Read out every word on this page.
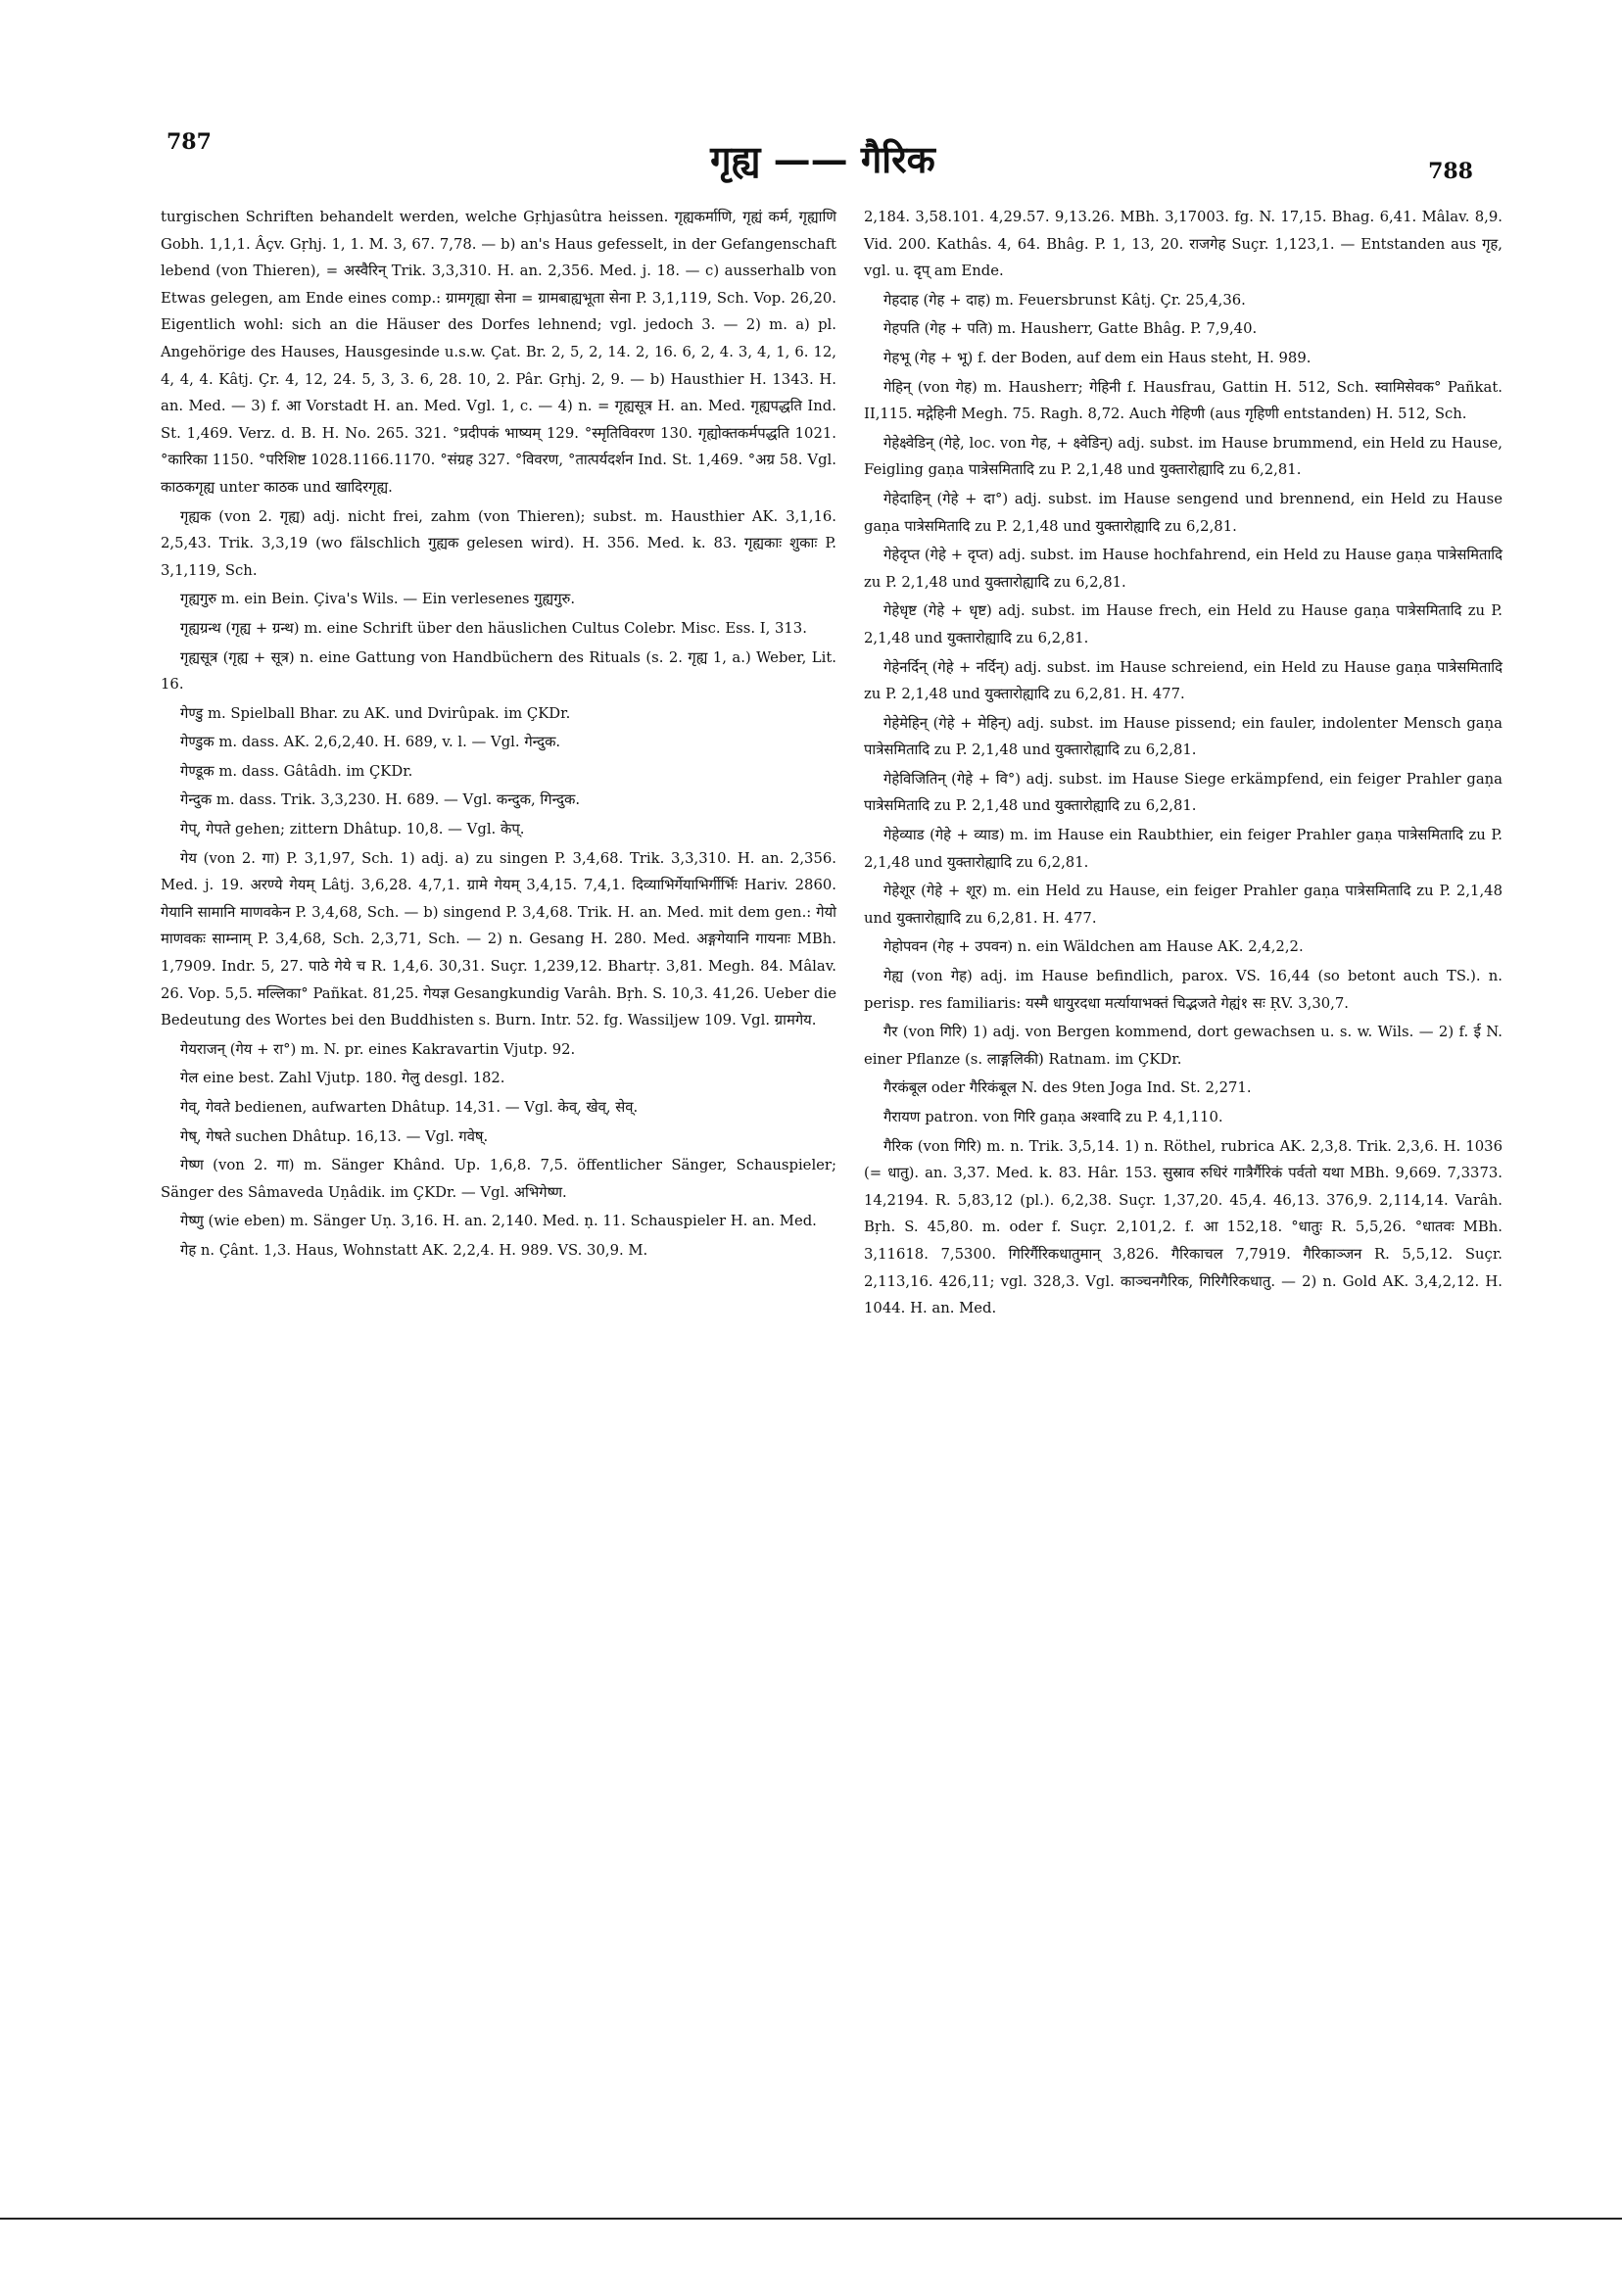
787	गृह्य —— गैरिक	788

turgischen Schriften behandelt werden, welche Gṛhjasûtra heissen. गृह्यकर्माणि, गृह्यं कर्म, गृह्याणि Gobh. 1,1,1. Âçv. Gṛhj. 1, 1. M. 3, 67. 7,78. — b) an's Haus gefesselt, in der Gefangenschaft lebend (von Thieren), = अस्वैरिन् Trik. 3,3,310. H. an. 2,356. Med. j. 18. — c) ausserhalb von Etwas gelegen, am Ende eines comp.: ग्रामगृह्या सेना = ग्रामबाह्यभूता सेना P. 3,1,119, Sch. Vop. 26,20. Eigentlich wohl: sich an die Häuser des Dorfes lehnend; vgl. jedoch 3. — 2) m. a) pl. Angehörige des Hauses, Hausgesinde u.s.w. Çat. Br. 2, 5, 2, 14. 2, 16. 6, 2, 4. 3, 4, 1, 6. 12, 4, 4, 4. Kâtj. Çr. 4, 12, 24. 5, 3, 3. 6, 28. 10, 2. Pâr. Gṛhj. 2, 9. — b) Hausthier H. 1343. H. an. Med. — 3) f. आ Vorstadt H. an. Med. Vgl. 1, c. — 4) n. = गृह्यसूत्र H. an. Med. गृह्यपद्धति Ind. St. 1,469. Verz. d. B. H. No. 265. 321. °प्रदीपकं भाष्यम् 129. °स्मृतिविवरण 130. गृह्योक्तकर्मपद्धति 1021. °कारिका 1150. °परिशिष्ट 1028.1166.1170. °संग्रह 327. °विवरण, °तात्पर्यदर्शन Ind. St. 1,469. °अग्र 58. Vgl. काठकगृह्य unter काठक und खादिरगृह्य.

गृह्यक (von 2. गृह्य) adj. nicht frei, zahm (von Thieren); subst. m. Hausthier AK. 3,1,16. 2,5,43. Trik. 3,3,19 (wo fälschlich गुह्यक gelesen wird). H. 356. Med. k. 83. गृह्यकाः शुकाः P. 3,1,119, Sch.

गृह्यगुरु m. ein Bein. Çiva's Wils. — Ein verlesenes गुह्यगुरु.

गृह्यग्रन्थ (गृह्य + ग्रन्थ) m. eine Schrift über den häuslichen Cultus Colebr. Misc. Ess. I, 313.

गृह्यसूत्र (गृह्य + सूत्र) n. eine Gattung von Handbüchern des Rituals (s. 2. गृह्य 1, a.) Weber, Lit. 16.

गेण्डु m. Spielball Bhar. zu AK. und Dvirûpak. im ÇKDr.

गेण्डुक m. dass. AK. 2,6,2,40. H. 689, v. l. — Vgl. गेन्दुक.

गेण्डूक m. dass. Gâtâdh. im ÇKDr.

गेन्दुक m. dass. Trik. 3,3,230. H. 689. — Vgl. कन्दुक, गिन्दुक.

गेप्, गेपते gehen; zittern Dhâtup. 10,8. — Vgl. केप्.

गेय (von 2. गा) P. 3,1,97, Sch. 1) adj. a) zu singen P. 3,4,68. Trik. 3,3,310. H. an. 2,356. Med. j. 19. अरण्ये गेयम् Lâtj. 3,6,28. 4,7,1. ग्रामे गेयम् 3,4,15. 7,4,1. दिव्याभिर्गेयाभिर्गीर्भिः Hariv. 2860. गेयानि सामानि माणवकेन P. 3,4,68, Sch. — b) singend P. 3,4,68. Trik. H. an. Med. mit dem gen.: गेयो माणवकः साम्नाम् P. 3,4,68, Sch. 2,3,71, Sch. — 2) n. Gesang H. 280. Med. अङ्गगेयानि गायनाः MBh. 1,7909. Indr. 5, 27. पाठे गेये च R. 1,4,6. 30,31. Suçr. 1,239,12. Bhartṛ. 3,81. Megh. 84. Mâlav. 26. Vop. 5,5. मल्लिका° Pañkat. 81,25. गेयज्ञ Gesangkundig Varâh. Bṛh. S. 10,3. 41,26. Ueber die Bedeutung des Wortes bei den Buddhisten s. Burn. Intr. 52. fg. Wassiljew 109. Vgl. ग्रामगेय.

गेयराजन् (गेय + रा°) m. N. pr. eines Kakravartin Vjutp. 92.

गेल eine best. Zahl Vjutp. 180. गेलु desgl. 182.

गेव्, गेवते bedienen, aufwarten Dhâtup. 14,31. — Vgl. केव्, खेव्, सेव्.

गेष्, गेषते suchen Dhâtup. 16,13. — Vgl. गवेष्.

गेष्ण (von 2. गा) m. Sänger Khând. Up. 1,6,8. 7,5. öffentlicher Sänger, Schauspieler; Sänger des Sâmaveda Uṇâdik. im ÇKDr. — Vgl. अभिगेष्ण.

गेष्णु (wie eben) m. Sänger Uṇ. 3,16. H. an. 2,140. Med. ṇ. 11. Schauspieler H. an. Med.

गेह n. Çânt. 1,3. Haus, Wohnstatt AK. 2,2,4. H. 989. VS. 30,9. M.

2,184. 3,58.101. 4,29.57. 9,13.26. MBh. 3,17003. fg. N. 17,15. Bhag. 6,41. Mâlav. 8,9. Vid. 200. Kathâs. 4, 64. Bhâg. P. 1, 13, 20. राजगेह Suçr. 1,123,1. — Entstanden aus गृह, vgl. u. दृप् am Ende.

गेहदाह (गेह + दाह) m. Feuersbrunst Kâtj. Çr. 25,4,36.

गेहपति (गेह + पति) m. Hausherr, Gatte Bhâg. P. 7,9,40.

गेहभू (गेह + भू) f. der Boden, auf dem ein Haus steht, H. 989.

गेहिन् (von गेह) m. Hausherr; गेहिनी f. Hausfrau, Gattin H. 512, Sch. स्वामिसेवक° Pañkat. II,115. मद्गेहिनी Megh. 75. Ragh. 8,72. Auch गेहिणी (aus गृहिणी entstanden) H. 512, Sch.

गेहेक्ष्वेडिन् (गेहे, loc. von गेह, + क्ष्वेडिन्) adj. subst. im Hause brummend, ein Held zu Hause, Feigling gaṇa पात्रेसमितादि zu P. 2,1,48 und युक्तारोह्यादि zu 6,2,81.

गेहेदाहिन् (गेहे + दा°) adj. subst. im Hause sengend und brennend, ein Held zu Hause gaṇa पात्रेसमितादि zu P. 2,1,48 und युक्तारोह्यादि zu 6,2,81.

गेहेदृप्त (गेहे + दृप्त) adj. subst. im Hause hochfahrend, ein Held zu Hause gaṇa पात्रेसमितादि zu P. 2,1,48 und युक्तारोह्यादि zu 6,2,81.

गेहेधृष्ट (गेहे + धृष्ट) adj. subst. im Hause frech, ein Held zu Hause gaṇa पात्रेसमितादि zu P. 2,1,48 und युक्तारोह्यादि zu 6,2,81.

गेहेनर्दिन् (गेहे + नर्दिन्) adj. subst. im Hause schreiend, ein Held zu Hause gaṇa पात्रेसमितादि zu P. 2,1,48 und युक्तारोह्यादि zu 6,2,81. H. 477.

गेहेमेहिन् (गेहे + मेहिन्) adj. subst. im Hause pissend; ein fauler, indolenter Mensch gaṇa पात्रेसमितादि zu P. 2,1,48 und युक्तारोह्यादि zu 6,2,81.

गेहेविजितिन् (गेहे + वि°) adj. subst. im Hause Siege erkämpfend, ein feiger Prahler gaṇa पात्रेसमितादि zu P. 2,1,48 und युक्तारोह्यादि zu 6,2,81.

गेहेव्याड (गेहे + व्याड) m. im Hause ein Raubthier, ein feiger Prahler gaṇa पात्रेसमितादि zu P. 2,1,48 und युक्तारोह्यादि zu 6,2,81.

गेहेशूर (गेहे + शूर) m. ein Held zu Hause, ein feiger Prahler gaṇa पात्रेसमितादि zu P. 2,1,48 und युक्तारोह्यादि zu 6,2,81. H. 477.

गेहोपवन (गेह + उपवन) n. ein Wäldchen am Hause AK. 2,4,2,2.

गेह्य (von गेह) adj. im Hause befindlich, parox. VS. 16,44 (so betont auch TS.). n. perisp. res familiaris: यस्मै धायुरदधा मर्त्यायाभक्तं चिद्भजते गेह्यं१ सः ṚV. 3,30,7.

गैर (von गिरि) 1) adj. von Bergen kommend, dort gewachsen u. s. w. Wils. — 2) f. ई N. einer Pflanze (s. लाङ्गलिकी) Ratnam. im ÇKDr.

गैरकंबूल oder गैरिकंबूल N. des 9ten Joga Ind. St. 2,271.

गैरायण patron. von गिरि gaṇa अश्वादि zu P. 4,1,110.

गैरिक (von गिरि) m. n. Trik. 3,5,14. 1) n. Röthel, rubrica AK. 2,3,8. Trik. 2,3,6. H. 1036 (= धातु). an. 3,37. Med. k. 83. Hâr. 153. सुस्राव रुधिरं गात्रैर्गैरिकं पर्वतो यथा MBh. 9,669. 7,3373. 14,2194. R. 5,83,12 (pl.). 6,2,38. Suçr. 1,37,20. 45,4. 46,13. 376,9. 2,114,14. Varâh. Bṛh. S. 45,80. m. oder f. Suçr. 2,101,2. f. आ 152,18. °धातुः R. 5,5,26. °धातवः MBh. 3,11618. 7,5300. गिरिर्गैरिकधातुमान् 3,826. गैरिकाचल 7,7919. गैरिकाञ्जन R. 5,5,12. Suçr. 2,113,16. 426,11; vgl. 328,3. Vgl. काञ्चनगैरिक, गिरिगैरिकधातु. — 2) n. Gold AK. 3,4,2,12. H. 1044. H. an. Med.
